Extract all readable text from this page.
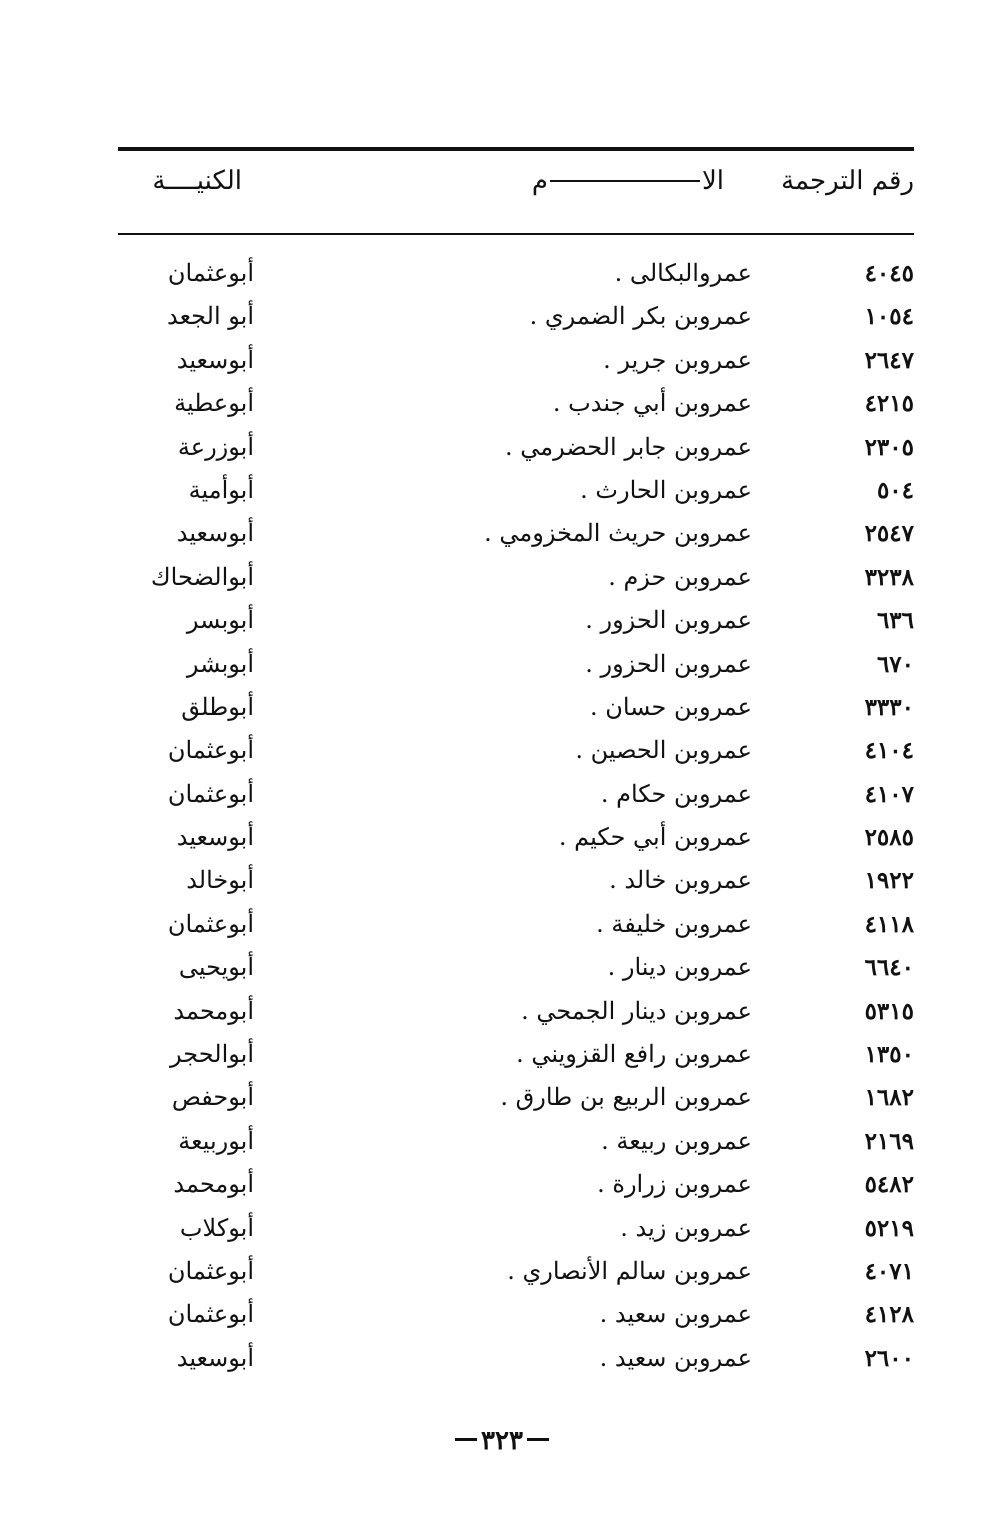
رقم الترجمة
الام
الكنيــــة
٤٠٤٥
عمروالبكالى .
أبوعثمان
١٠٥٤
عمروبن بكر الضمري .
أبو الجعد
٢٦٤٧
عمروبن جرير .
أبوسعيد
٤٢١٥
عمروبن أبي جندب .
أبوعطية
٢٣٠٥
عمروبن جابر الحضرمي .
أبوزرعة
٥٠٤
عمروبن الحارث .
أبوأمية
٢٥٤٧
عمروبن حريث المخزومي .
أبوسعيد
٣٢٣٨
عمروبن حزم .
أبوالضحاك
٦٣٦
عمروبن الحزور .
أبوبسر
٦٧٠
عمروبن الحزور .
أبوبشر
٣٣٣٠
عمروبن حسان .
أبوطلق
٤١٠٤
عمروبن الحصين .
أبوعثمان
٤١٠٧
عمروبن حكام .
أبوعثمان
٢٥٨٥
عمروبن أبي حكيم .
أبوسعيد
١٩٢٢
عمروبن خالد .
أبوخالد
٤١١٨
عمروبن خليفة .
أبوعثمان
٦٦٤٠
عمروبن دينار .
أبويحيى
٥٣١٥
عمروبن دينار الجمحي .
أبومحمد
١٣٥٠
عمروبن رافع القزويني .
أبوالحجر
١٦٨٢
عمروبن الربيع بن طارق .
أبوحفص
٢١٦٩
عمروبن ربيعة .
أبوربيعة
٥٤٨٢
عمروبن زرارة .
أبومحمد
٥٢١٩
عمروبن زيد .
أبوكلاب
٤٠٧١
عمروبن سالم الأنصاري .
أبوعثمان
٤١٢٨
عمروبن سعيد .
أبوعثمان
٢٦٠٠
عمروبن سعيد .
أبوسعيد
٣٢٣
